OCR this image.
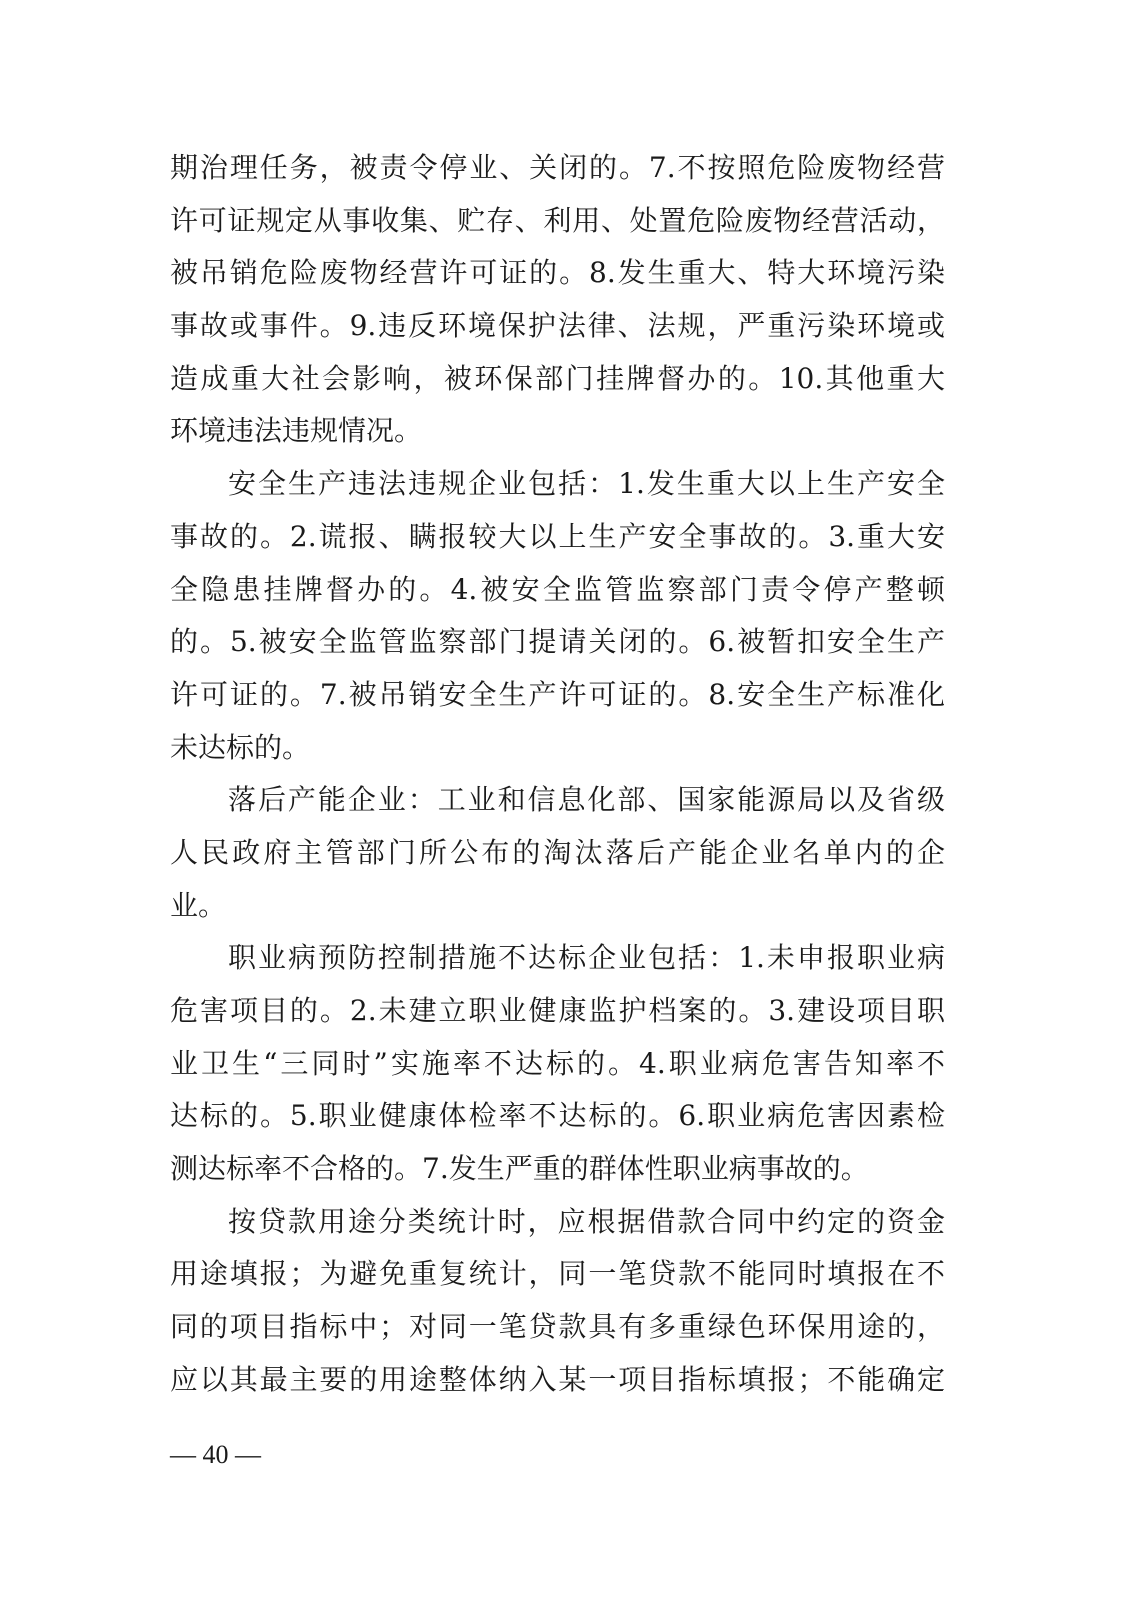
期治理任务，被责令停业、关闭的。7.不按照危险废物经营
许可证规定从事收集、贮存、利用、处置危险废物经营活动，
被吊销危险废物经营许可证的。8.发生重大、特大环境污染
事故或事件。9.违反环境保护法律、法规，严重污染环境或
造成重大社会影响，被环保部门挂牌督办的。10.其他重大
环境违法违规情况。
安全生产违法违规企业包括：1.发生重大以上生产安全
事故的。2.谎报、瞒报较大以上生产安全事故的。3.重大安
全隐患挂牌督办的。4.被安全监管监察部门责令停产整顿
的。5.被安全监管监察部门提请关闭的。6.被暂扣安全生产
许可证的。7.被吊销安全生产许可证的。8.安全生产标准化
未达标的。
落后产能企业：工业和信息化部、国家能源局以及省级
人民政府主管部门所公布的淘汰落后产能企业名单内的企
业。
职业病预防控制措施不达标企业包括：1.未申报职业病
危害项目的。2.未建立职业健康监护档案的。3.建设项目职
业卫生“三同时”实施率不达标的。4.职业病危害告知率不
达标的。5.职业健康体检率不达标的。6.职业病危害因素检
测达标率不合格的。7.发生严重的群体性职业病事故的。
按贷款用途分类统计时，应根据借款合同中约定的资金
用途填报；为避免重复统计，同一笔贷款不能同时填报在不
同的项目指标中；对同一笔贷款具有多重绿色环保用途的，
应以其最主要的用途整体纳入某一项目指标填报；不能确定
— 40 —
